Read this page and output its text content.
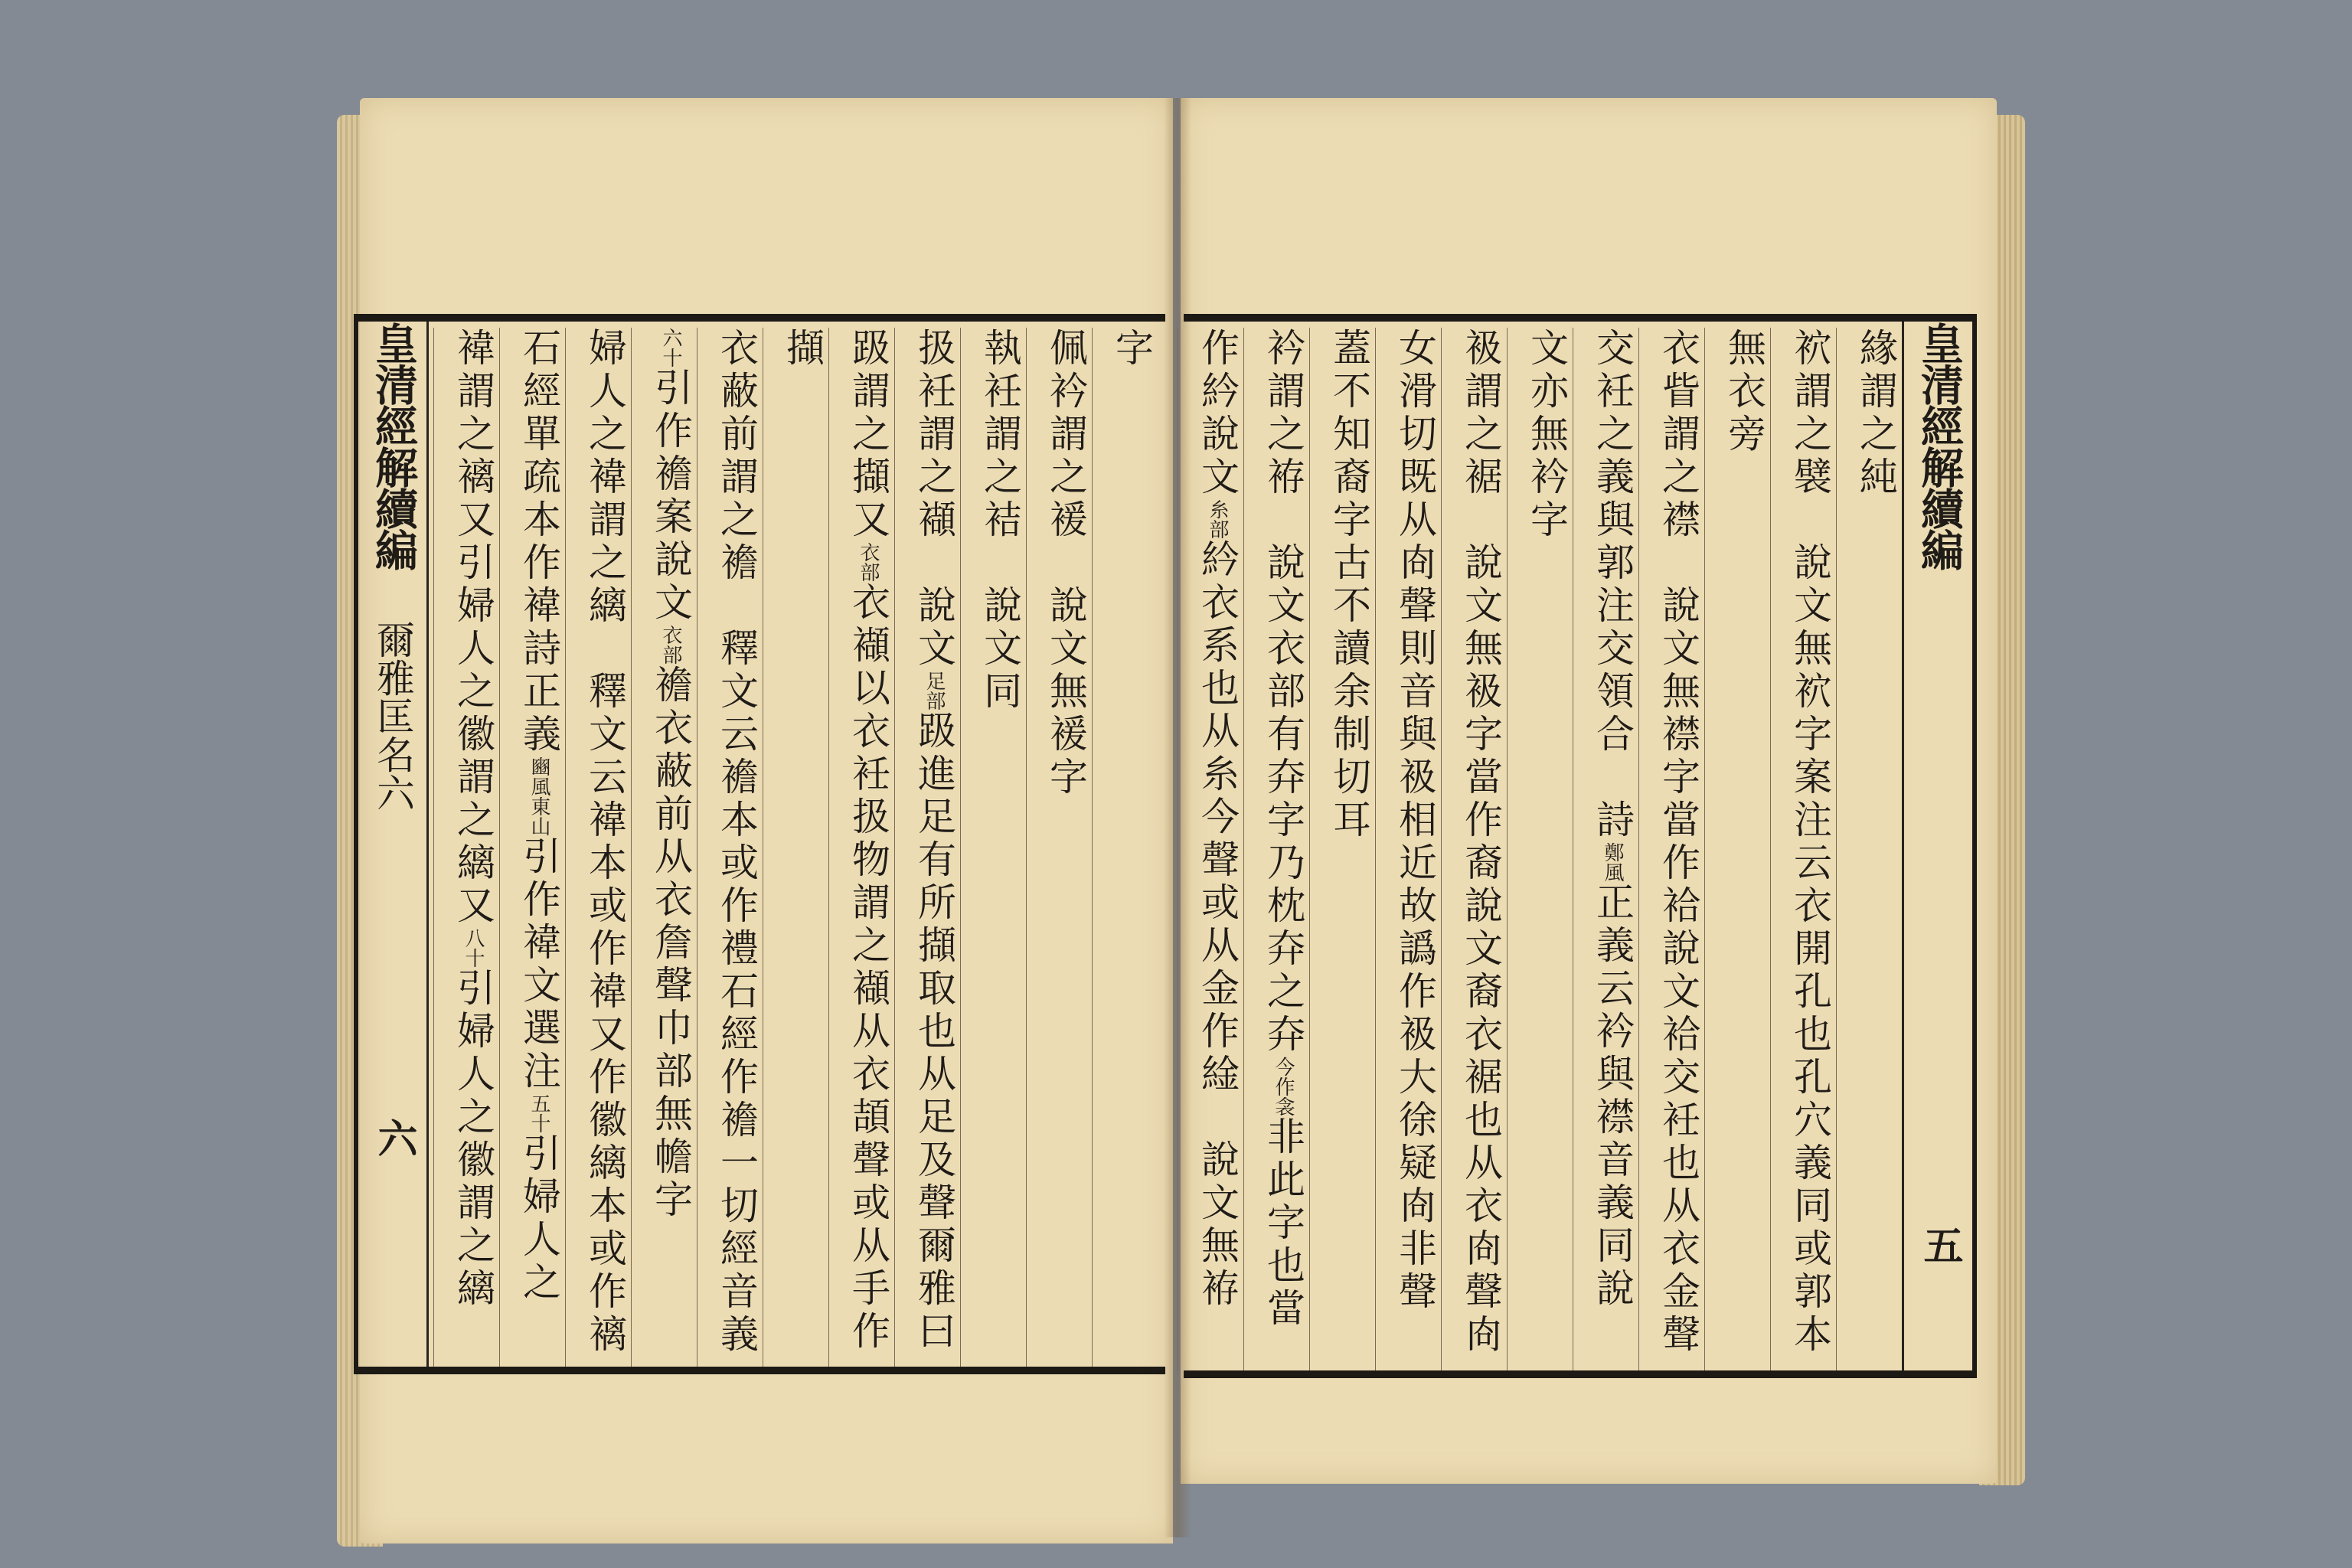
皇清經解續編
爾雅匡名六
六
字
佩衿謂之褑　說文無褑字
執衽謂之袺　說文同
扱衽謂之襭　說文足部趿進足有所擷取也从足及聲爾雅曰
趿謂之擷又衣部衣襭以衣衽扱物謂之襭从衣頡聲或从手作
擷
衣蔽前謂之襜　釋文云襜本或作禮石經作襜一切經音義
六十引作襜案說文衣部襜衣蔽前从衣詹聲巾部無幨字
婦人之褘謂之縭　釋文云褘本或作褘又作徽縭本或作褵
石經單疏本作褘詩正義豳風東山引作褘文選注五十引婦人之
褘謂之褵又引婦人之徽謂之縭又八十引婦人之徽謂之縭
皇清經解續編
五
緣謂之純
袕謂之襞　說文無袕字案注云衣開孔也孔穴義同或郭本
無衣旁
衣眥謂之襟　說文無襟字當作袷說文袷交衽也从衣金聲
交衽之義與郭注交領合　詩鄭風正義云衿與襟音義同說
文亦無衿字
衱謂之裾　說文無衱字當作裔說文裔衣裾也从衣㕯聲㕯
女滑切既从㕯聲則音與衱相近故譌作衱大徐疑㕯非聲
蓋不知裔字古不讀余制切耳
衿謂之袸　說文衣部有㚏字乃枕㚏之㚏今作衾非此字也當
作紟說文糸部紟衣系也从糸今聲或从金作䋮　說文無袸
